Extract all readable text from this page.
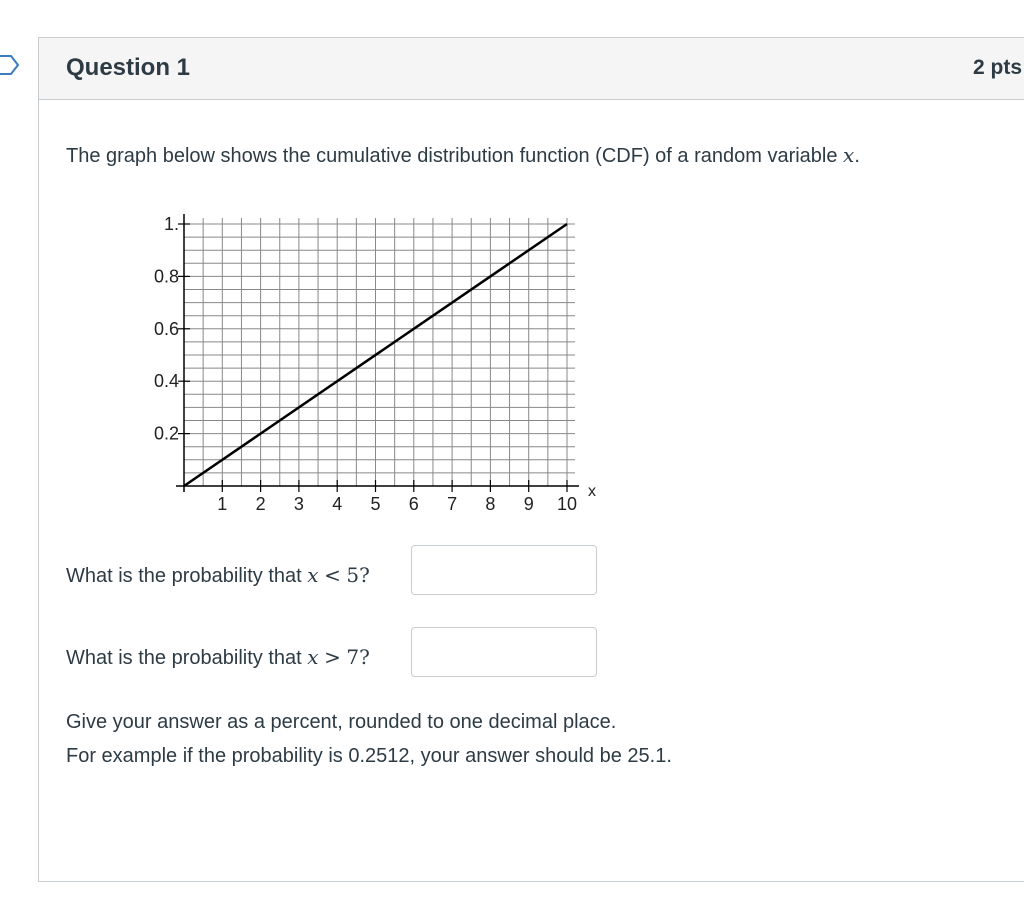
Question 1	2 pts
The graph below shows the cumulative distribution function (CDF) of a random variable x.
1 2 3 4 5 6 7 8 9 10
0.2
0.4
0.6
0.8
1.
x
What is the probability that x < 5?
What is the probability that x > 7?
Give your answer as a percent, rounded to one decimal place.
For example if the probability is 0.2512, your answer should be 25.1.
